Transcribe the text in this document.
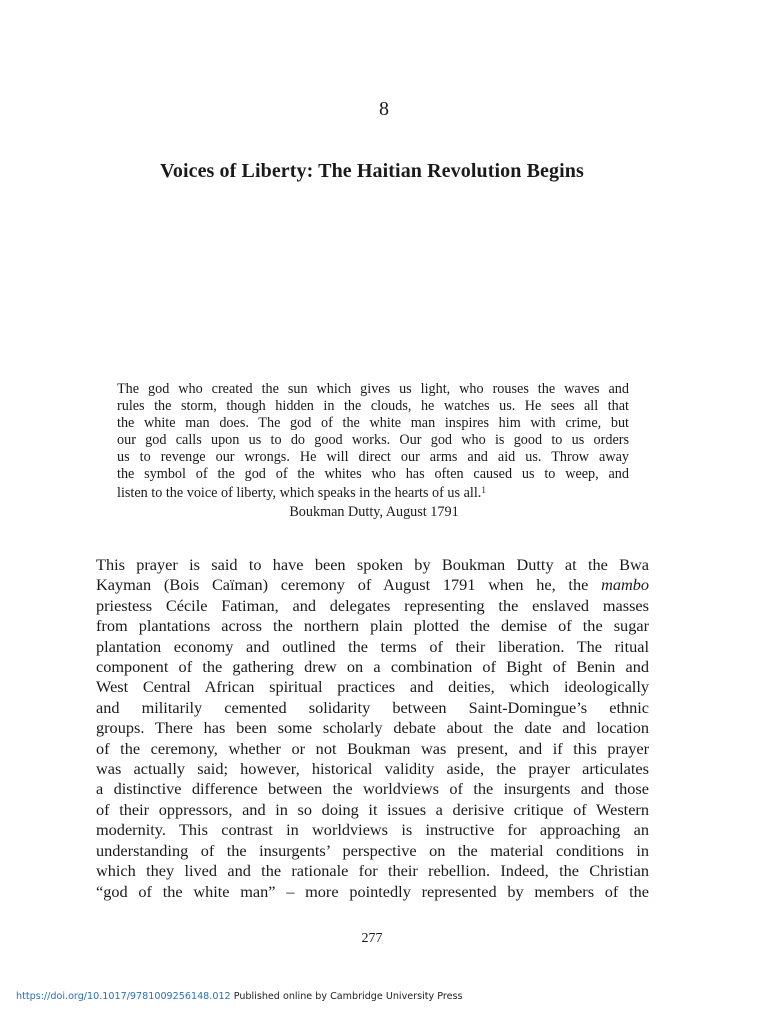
8
Voices of Liberty: The Haitian Revolution Begins
The god who created the sun which gives us light, who rouses the waves and
rules the storm, though hidden in the clouds, he watches us. He sees all that
the white man does. The god of the white man inspires him with crime, but
our god calls upon us to do good works. Our god who is good to us orders
us to revenge our wrongs. He will direct our arms and aid us. Throw away
the symbol of the god of the whites who has often caused us to weep, and
listen to the voice of liberty, which speaks in the hearts of us all.$^1$
Boukman Dutty, August 1791
This prayer is said to have been spoken by Boukman Dutty at the Bwa
Kayman (Bois Caïman) ceremony of August 1791 when he, the mambo
priestess Cécile Fatiman, and delegates representing the enslaved masses
from plantations across the northern plain plotted the demise of the sugar
plantation economy and outlined the terms of their liberation. The ritual
component of the gathering drew on a combination of Bight of Benin and
West Central African spiritual practices and deities, which ideologically
and militarily cemented solidarity between Saint-Domingue’s ethnic
groups. There has been some scholarly debate about the date and location
of the ceremony, whether or not Boukman was present, and if this prayer
was actually said; however, historical validity aside, the prayer articulates
a distinctive difference between the worldviews of the insurgents and those
of their oppressors, and in so doing it issues a derisive critique of Western
modernity. This contrast in worldviews is instructive for approaching an
understanding of the insurgents’ perspective on the material conditions in
which they lived and the rationale for their rebellion. Indeed, the Christian
“god of the white man” – more pointedly represented by members of the
277
https://doi.org/10.1017/9781009256148.012 Published online by Cambridge University Press
